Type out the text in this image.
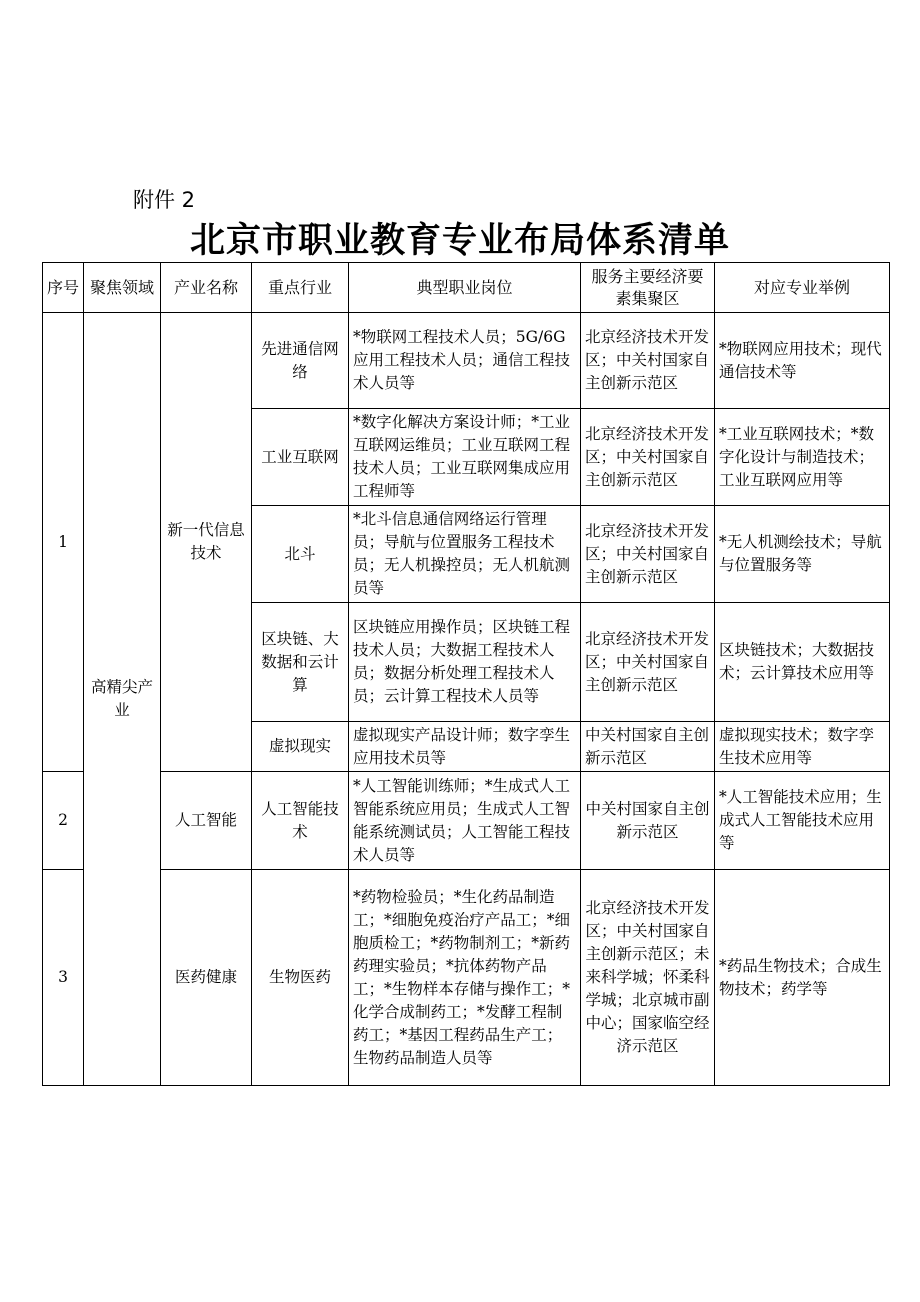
附件 2
北京市职业教育专业布局体系清单
序号	聚焦领域	产业名称	重点行业	典型职业岗位	服务主要经济要素集聚区	对应专业举例
1	高精尖产业	新一代信息技术	先进通信网络	*物联网工程技术人员；5G/6G 应用工程技术人员；通信工程技术人员等	北京经济技术开发区；中关村国家自主创新示范区	*物联网应用技术；现代通信技术等
			工业互联网	*数字化解决方案设计师；*工业互联网运维员；工业互联网工程技术人员；工业互联网集成应用工程师等	北京经济技术开发区；中关村国家自主创新示范区	*工业互联网技术；*数字化设计与制造技术；工业互联网应用等
			北斗	*北斗信息通信网络运行管理员；导航与位置服务工程技术员；无人机操控员；无人机航测员等	北京经济技术开发区；中关村国家自主创新示范区	*无人机测绘技术；导航与位置服务等
			区块链、大数据和云计算	区块链应用操作员；区块链工程技术人员；大数据工程技术人员；数据分析处理工程技术人员；云计算工程技术人员等	北京经济技术开发区；中关村国家自主创新示范区	区块链技术；大数据技术；云计算技术应用等
			虚拟现实	虚拟现实产品设计师；数字孪生应用技术员等	中关村国家自主创新示范区	虚拟现实技术；数字孪生技术应用等
2		人工智能	人工智能技术	*人工智能训练师；*生成式人工智能系统应用员；生成式人工智能系统测试员；人工智能工程技术人员等	中关村国家自主创新示范区	*人工智能技术应用；生成式人工智能技术应用等
3		医药健康	生物医药	*药物检验员；*生化药品制造工；*细胞免疫治疗产品工；*细胞质检工；*药物制剂工；*新药药理实验员；*抗体药物产品工；*生物样本存储与操作工；*化学合成制药工；*发酵工程制药工；*基因工程药品生产工；生物药品制造人员等	北京经济技术开发区；中关村国家自主创新示范区；未来科学城；怀柔科学城；北京城市副中心；国家临空经济示范区	*药品生物技术；合成生物技术；药学等
